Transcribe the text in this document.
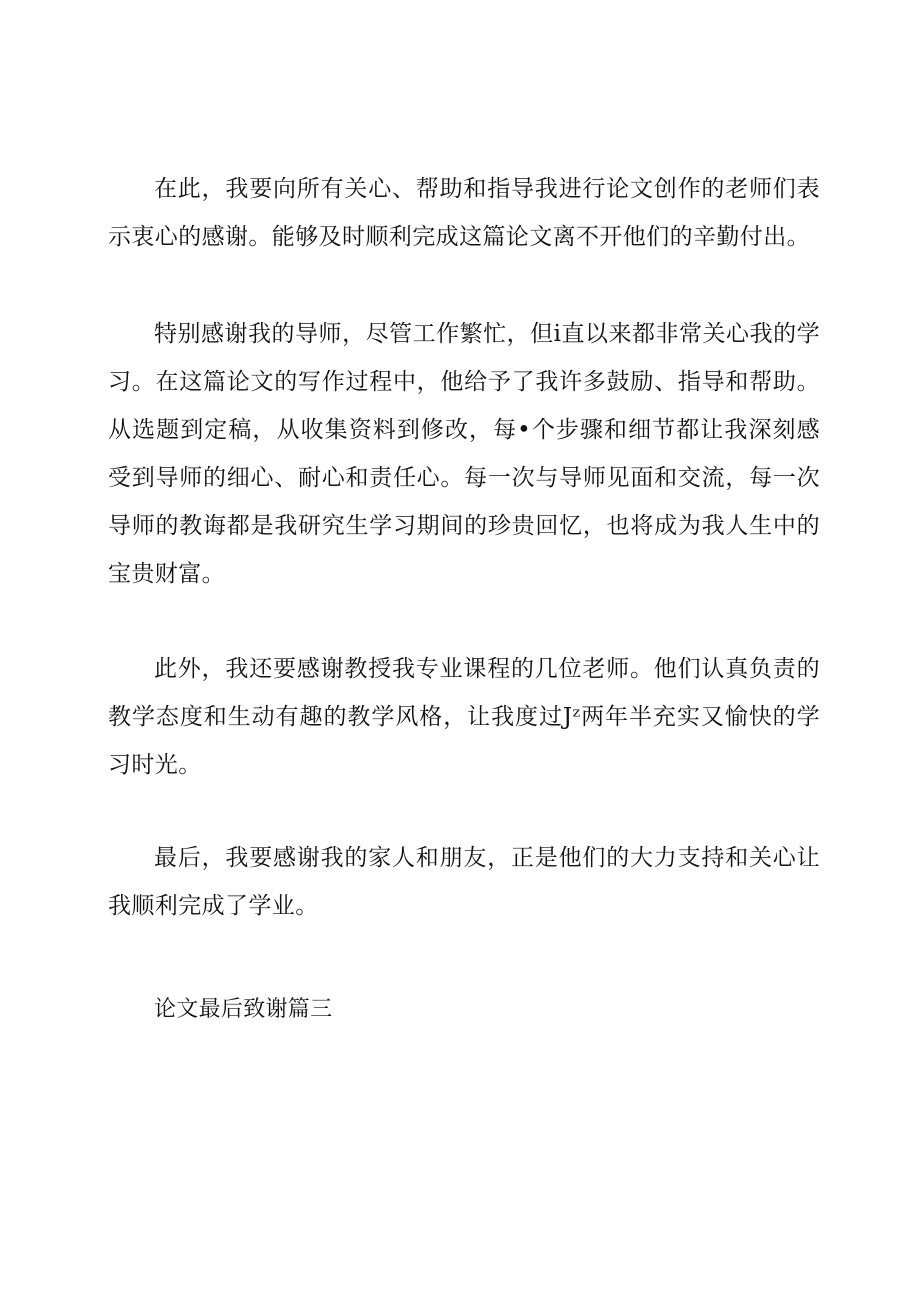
在此，我要向所有关心、帮助和指导我进行论文创作的老师们表示衷心的感谢。能够及时顺利完成这篇论文离不开他们的辛勤付出。

特别感谢我的导师，尽管工作繁忙，但i直以来都非常关心我的学习。在这篇论文的写作过程中，他给予了我许多鼓励、指导和帮助。从选题到定稿，从收集资料到修改，每•个步骤和细节都让我深刻感受到导师的细心、耐心和责任心。每一次与导师见面和交流，每一次导师的教诲都是我研究生学习期间的珍贵回忆，也将成为我人生中的宝贵财富。

此外，我还要感谢教授我专业课程的几位老师。他们认真负责的教学态度和生动有趣的教学风格，让我度过Jᶻ两年半充实又愉快的学习时光。

最后，我要感谢我的家人和朋友，正是他们的大力支持和关心让我顺利完成了学业。

论文最后致谢篇三
